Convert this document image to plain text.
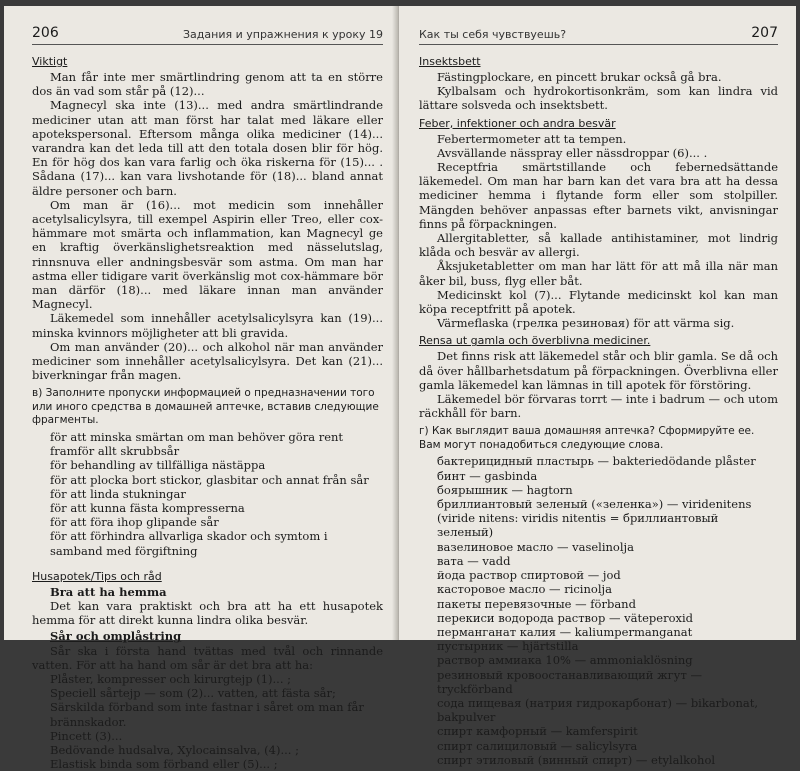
206	Задания и упражнения к уроку 19
Viktigt
Man får inte mer smärtlindring genom att ta en större dos än vad som står på (12)...
Magnecyl ska inte (13)... med andra smärtlindrande mediciner utan att man först har talat med läkare eller apotekspersonal. Eftersom många olika mediciner (14)... varandra kan det leda till att den totala dosen blir för hög. En för hög dos kan vara farlig och öka riskerna för (15)... . Sådana (17)... kan vara livshotande för (18)... bland annat äldre personer och barn.
Om man är (16)... mot medicin som innehåller acetylsalicylsyra, till exempel Aspirin eller Treo, eller cox-hämmare mot smärta och inflammation, kan Magnecyl ge en kraftig överkänslighetsreaktion med nässelutslag, rinnsnuva eller andningsbesvär som astma. Om man har astma eller tidigare varit överkänslig mot cox-hämmare bör man därför (18)... med läkare innan man använder Magnecyl.
Läkemedel som innehåller acetylsalicylsyra kan (19)... minska kvinnors möjligheter att bli gravida.
Om man använder (20)... och alkohol när man använder mediciner som innehåller acetylsalicylsyra. Det kan (21)... biverkningar från magen.
в) Заполните пропуски информацией о предназначении того или иного средства в домашней аптечке, вставив следующие фрагменты.
för att minska smärtan om man behöver göra rent framför allt skrubbsår
för behandling av tillfälliga nästäppa
för att plocka bort stickor, glasbitar och annat från sår
för att linda stukningar
för att kunna fästa kompresserna
för att föra ihop glipande sår
för att förhindra allvarliga skador och symtom i samband med förgiftning
Husapotek/Tips och råd
Bra att ha hemma

Det kan vara praktiskt och bra att ha ett husapotek hemma för att direkt kunna lindra olika besvär.

Sår och omplåstring

Sår ska i första hand tvättas med tvål och rinnande vatten. För att ha hand om sår är det bra att ha:

Plåster, kompresser och kirurgtejp (1)... ;
Speciell sårtejp — som (2)... vatten, att fästa sår;
Särskilda förband som inte fastnar i såret om man får brännskador.
Pincett (3)...
Bedövande hudsalva, Xylocainsalva, (4)... ;
Elastisk binda som förband eller (5)... ;
Как ты себя чувствуешь?	207
Insektsbett
Fästingplockare, en pincett brukar också gå bra.
Kylbalsam och hydrokortisonkräm, som kan lindra vid lättare solsveda och insektsbett.
Feber, infektioner och andra besvär
Febertermometer att ta tempen.
Avsvällande nässpray eller nässdroppar (6)... .
Receptfria smärtstillande och febernedsättande läkemedel. Om man har barn kan det vara bra att ha dessa mediciner hemma i flytande form eller som stolpiller. Mängden behöver anpassas efter barnets vikt, anvisningar finns på förpackningen.
Allergitabletter, så kallade antihistaminer, mot lindrig klåda och besvär av allergi.
Åksjuketabletter om man har lätt för att må illa när man åker bil, buss, flyg eller båt.
Medicinskt kol (7)... Flytande medicinskt kol kan man köpa receptfritt på apotek.
Värmeflaska (грелка резиновая) för att värma sig.
Rensa ut gamla och överblivna mediciner.
Det finns risk att läkemedel står och blir gamla. Se då och då över hållbarhetsdatum på förpackningen. Överblivna eller gamla läkemedel kan lämnas in till apotek för förstöring.
Läkemedel bör förvaras torrt — inte i badrum — och utom räckhåll för barn.
г) Как выглядит ваша домашняя аптечка? Сформируйте ее. Вам могут понадобиться следующие слова.
бактерицидный пластырь — bakteriedödande plåster
бинт — gasbinda
боярышник — hagtorn
бриллиантовый зеленый («зеленка») — viridenitens (viride nitens: viridis nitentis = бриллиантовый зеленый)
вазелиновое масло — vaselinolja
вата — vadd
йода раствор спиртовой — jod
касторовое масло — ricinolja
пакеты перевязочные — förband
перекиси водорода раствор — väteperoxid
перманганат калия — kaliumpermanganat
пустырник — hjärtstilla
раствор аммиака 10% — ammoniaklösning
резиновый кровоостанавливающий жгут — tryckförband
сода пищевая (натрия гидрокарбонат) — bikarbonat, bakpulver
спирт камфорный — kamferspirit
спирт салициловый — salicylsyra
спирт этиловый (винный спирт) — etylalkohol
